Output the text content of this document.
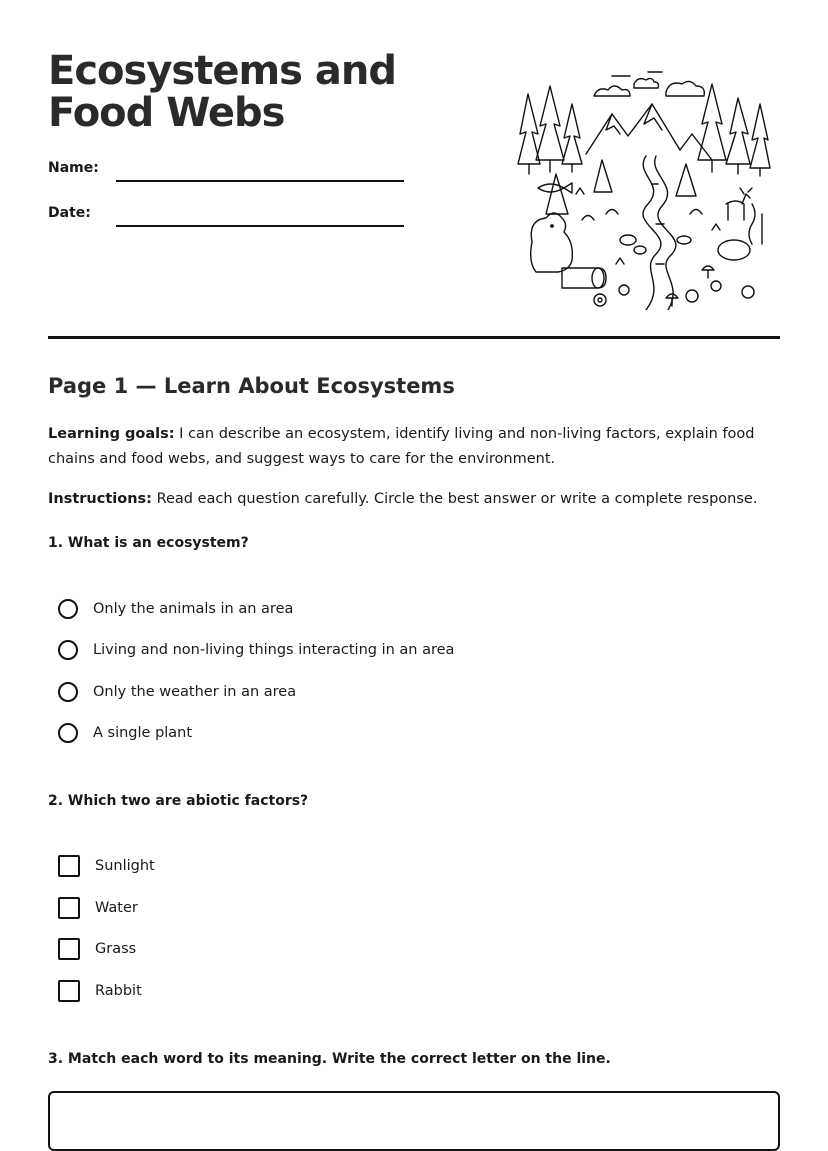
Ecosystems and Food Webs
Name:
Date:
Page 1 — Learn About Ecosystems
Learning goals: I can describe an ecosystem, identify living and non-living factors, explain food chains and food webs, and suggest ways to care for the environment.
Instructions: Read each question carefully. Circle the best answer or write a complete response.
1. What is an ecosystem?
Only the animals in an area
Living and non-living things interacting in an area
Only the weather in an area
A single plant
2. Which two are abiotic factors?
Sunlight
Water
Grass
Rabbit
3. Match each word to its meaning. Write the correct letter on the line.
